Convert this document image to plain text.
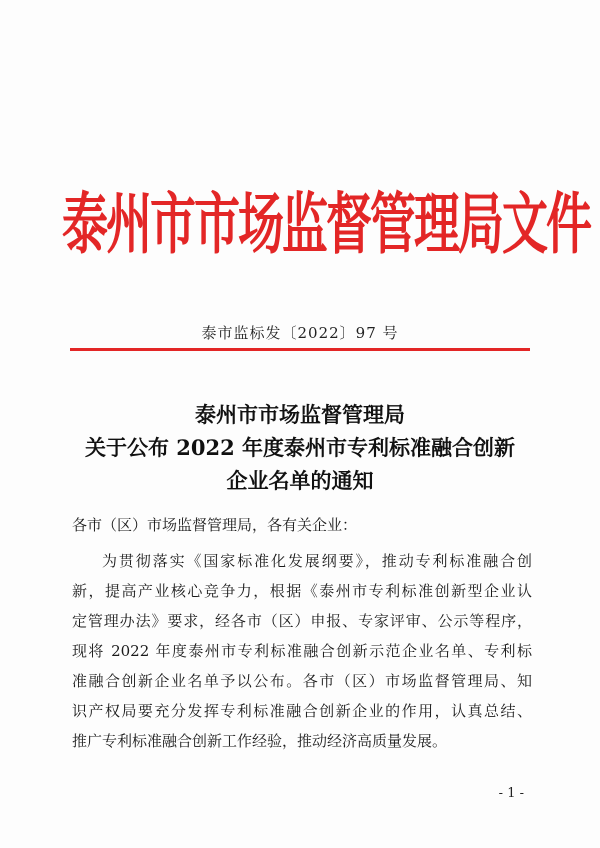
泰州市市场监督管理局文件
泰市监标发〔2022〕97 号
泰州市市场监督管理局
关于公布 2022 年度泰州市专利标准融合创新
企业名单的通知
各市（区）市场监督管理局，各有关企业：
为贯彻落实《国家标准化发展纲要》，推动专利标准融合创
新，提高产业核心竞争力，根据《泰州市专利标准创新型企业认
定管理办法》要求，经各市（区）申报、专家评审、公示等程序，
现将 2022 年度泰州市专利标准融合创新示范企业名单、专利标
准融合创新企业名单予以公布。各市（区）市场监督管理局、知
识产权局要充分发挥专利标准融合创新企业的作用，认真总结、
推广专利标准融合创新工作经验，推动经济高质量发展。
- 1 -
